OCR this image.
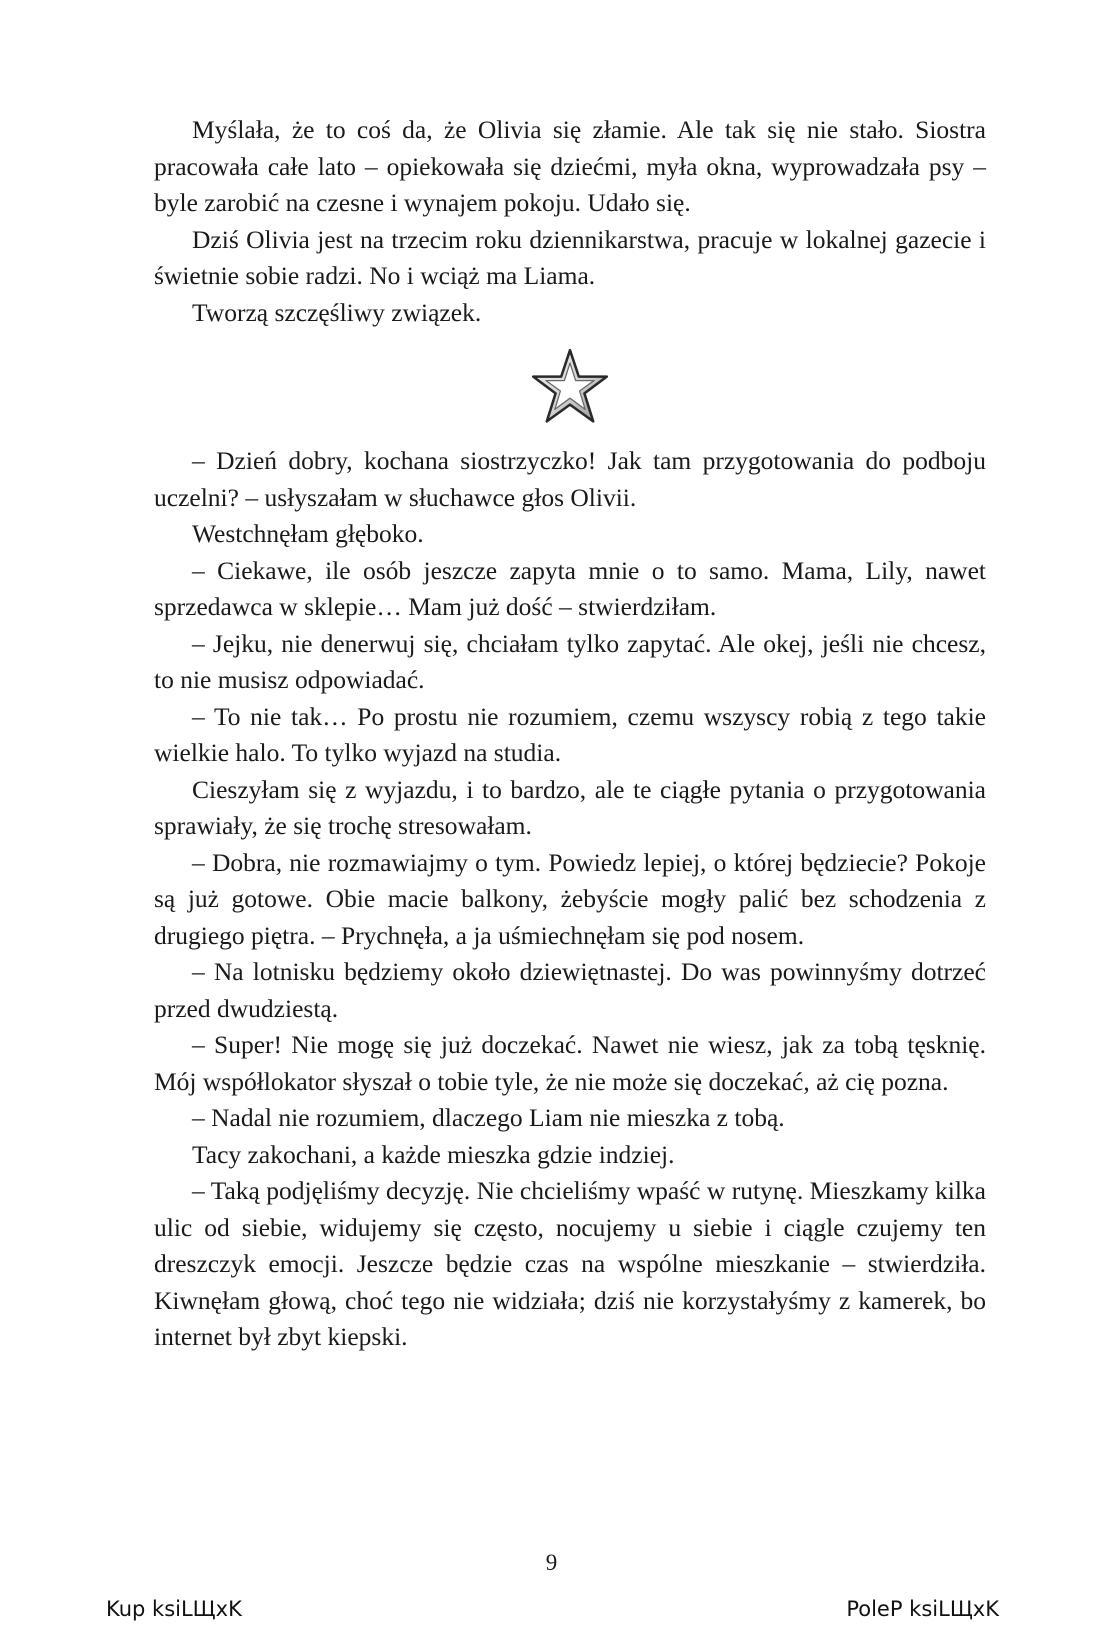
Myślała, że to coś da, że Olivia się złamie. Ale tak się nie stało. Siostra pracowała całe lato – opiekowała się dziećmi, myła okna, wyprowadzała psy – byle zarobić na czesne i wynajem pokoju. Udało się.

Dziś Olivia jest na trzecim roku dziennikarstwa, pracuje w lokalnej gazecie i świetnie sobie radzi. No i wciąż ma Liama.

Tworzą szczęśliwy związek.

– Dzień dobry, kochana siostrzyczko! Jak tam przygotowania do podboju uczelni? – usłyszałam w słuchawce głos Olivii.

Westchnęłam głęboko.

– Ciekawe, ile osób jeszcze zapyta mnie o to samo. Mama, Lily, nawet sprzedawca w sklepie… Mam już dość – stwierdziłam.

– Jejku, nie denerwuj się, chciałam tylko zapytać. Ale okej, jeśli nie chcesz, to nie musisz odpowiadać.

– To nie tak… Po prostu nie rozumiem, czemu wszyscy robią z tego takie wielkie halo. To tylko wyjazd na studia.

Cieszyłam się z wyjazdu, i to bardzo, ale te ciągłe pytania o przygotowania sprawiały, że się trochę stresowałam.

– Dobra, nie rozmawiajmy o tym. Powiedz lepiej, o której będziecie? Pokoje są już gotowe. Obie macie balkony, żebyście mogły palić bez schodzenia z drugiego piętra. – Prychnęła, a ja uśmiechnęłam się pod nosem.

– Na lotnisku będziemy około dziewiętnastej. Do was powinnyśmy dotrzeć przed dwudziestą.

– Super! Nie mogę się już doczekać. Nawet nie wiesz, jak za tobą tęsknię. Mój współlokator słyszał o tobie tyle, że nie może się doczekać, aż cię pozna.

– Nadal nie rozumiem, dlaczego Liam nie mieszka z tobą.

Tacy zakochani, a każde mieszka gdzie indziej.

– Taką podjęliśmy decyzję. Nie chcieliśmy wpaść w rutynę. Mieszkamy kilka ulic od siebie, widujemy się często, nocujemy u siebie i ciągle czujemy ten dreszczyk emocji. Jeszcze będzie czas na wspólne mieszkanie – stwierdziła. Kiwnęłam głową, choć tego nie widziała; dziś nie korzystałyśmy z kamerek, bo internet był zbyt kiepski.

9
Kup ksiLЩxK	PoleP ksiLЩxK
